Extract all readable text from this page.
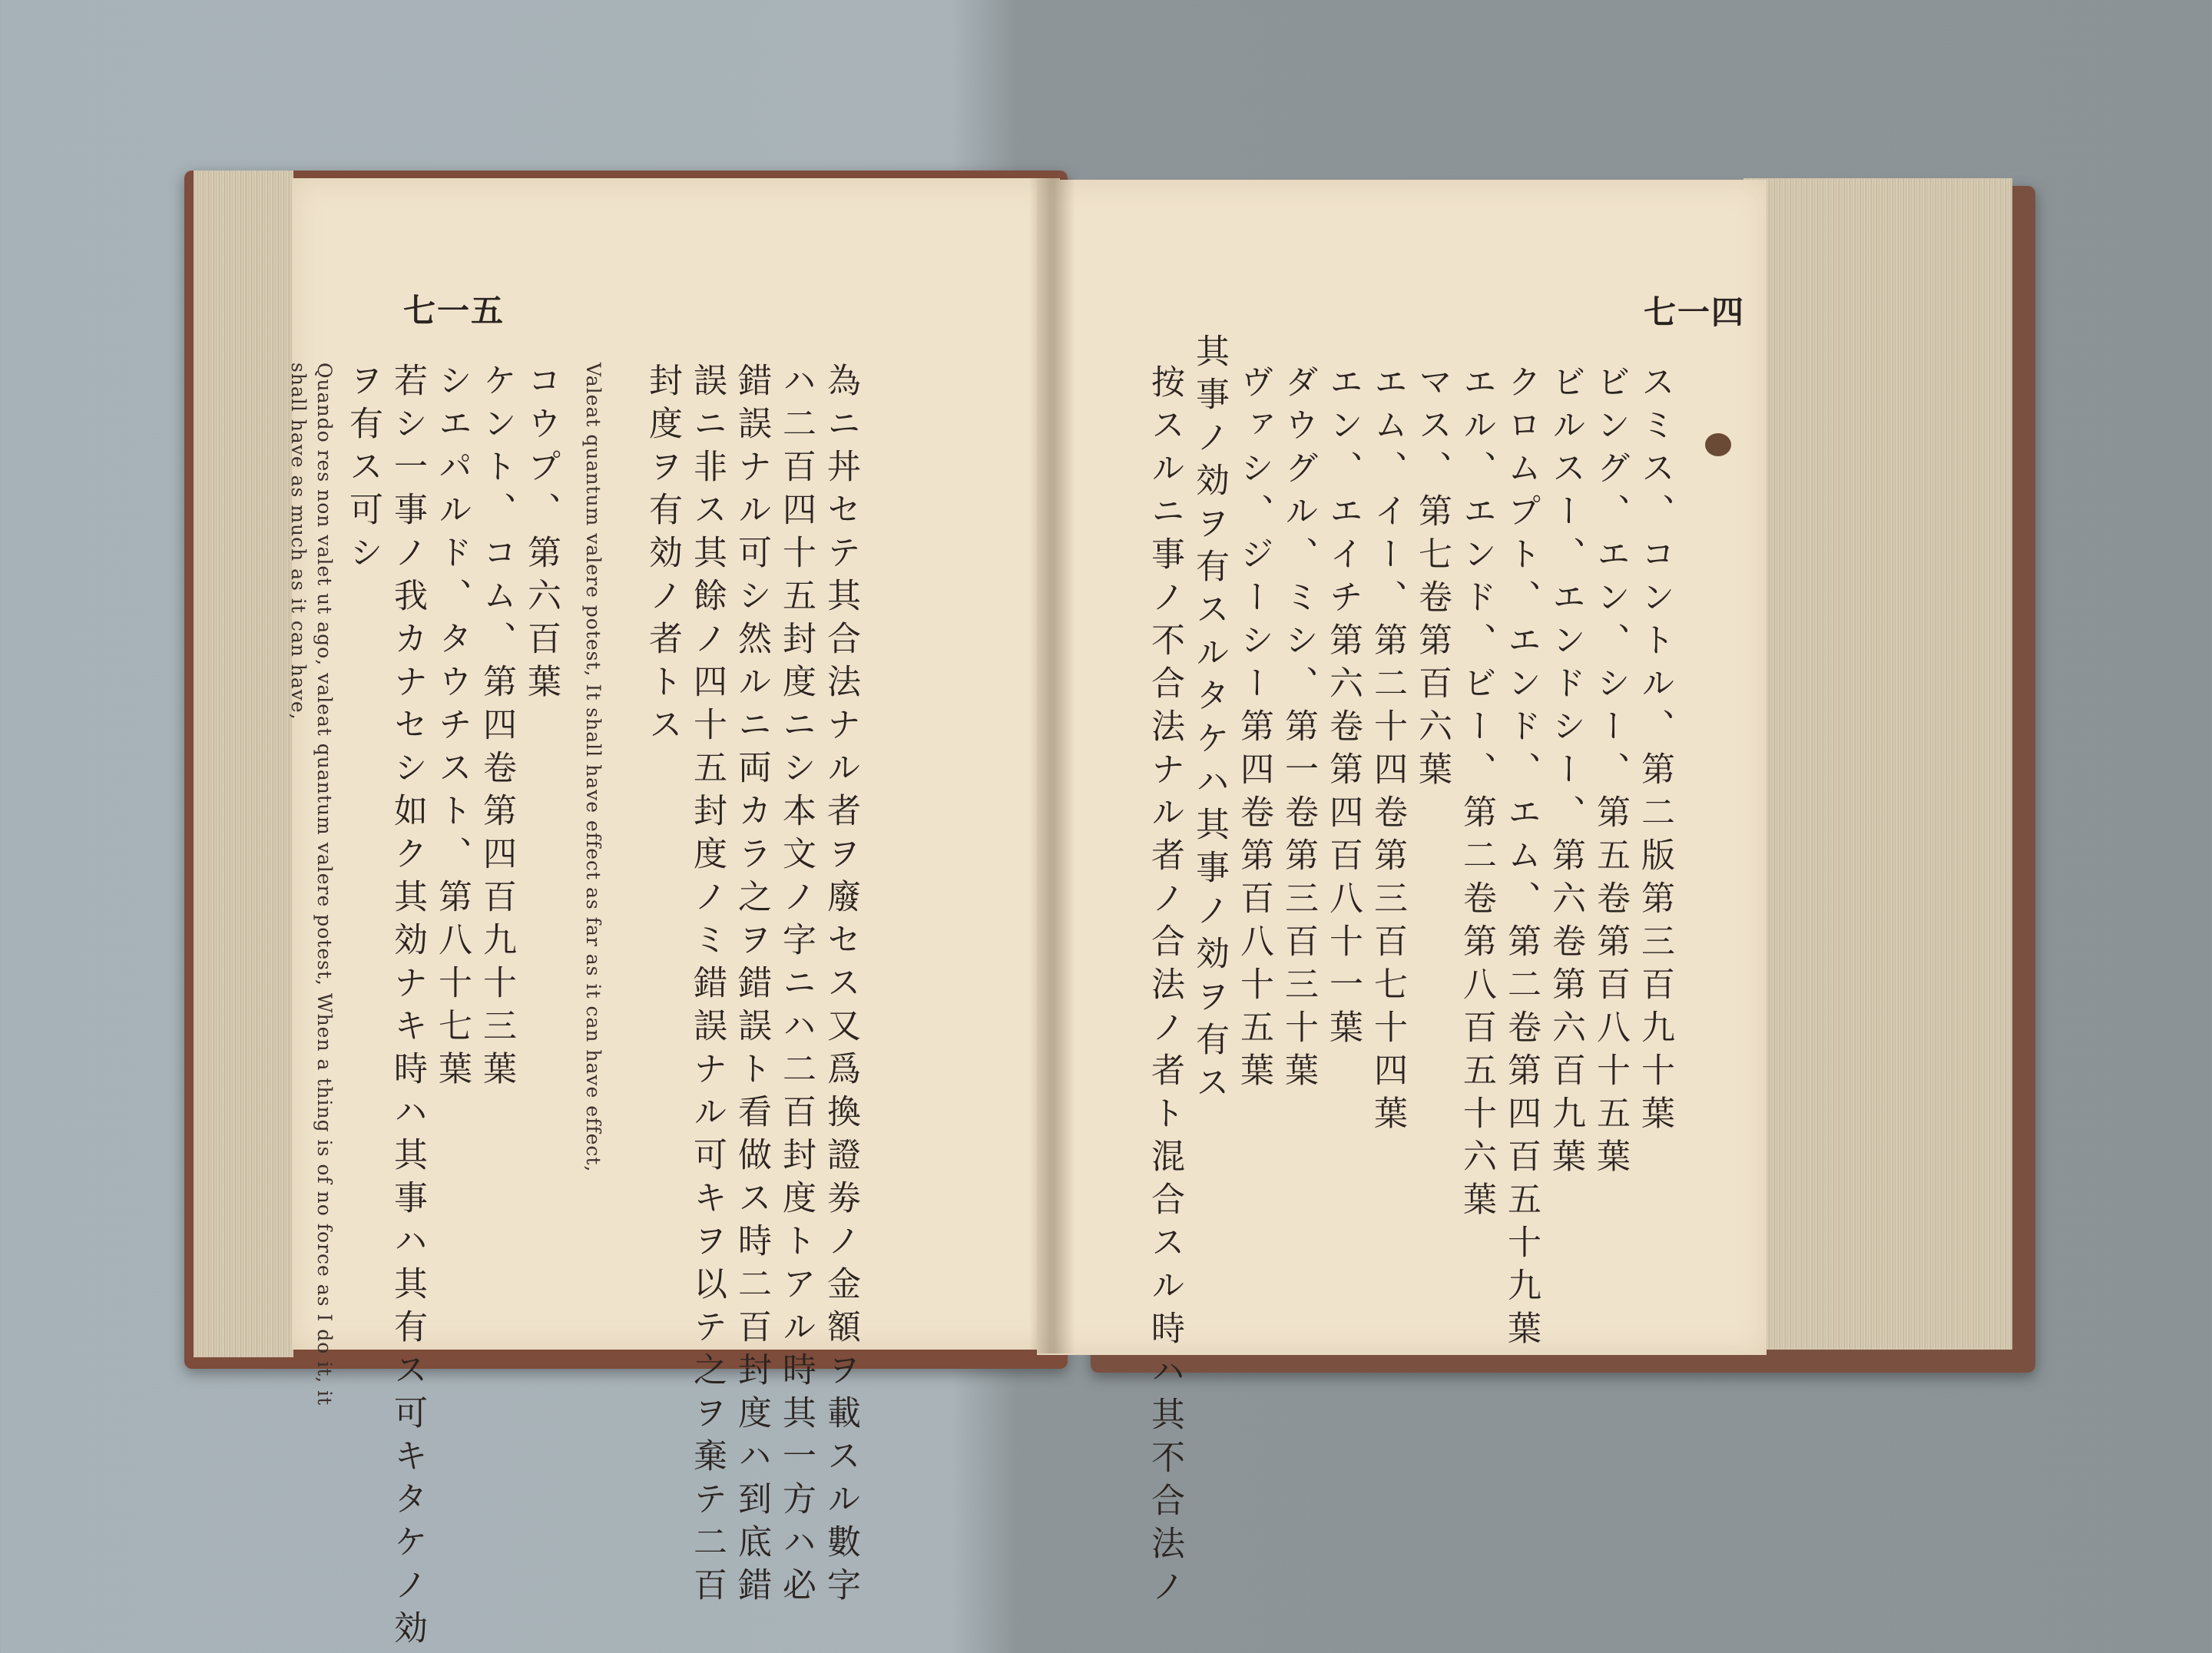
七一五
為ニ丼セテ其合法ナル者ヲ廢セス又爲換證劵ノ金額ヲ載スル數字
ハ二百四十五封度ニシ本文ノ字ニハ二百封度トアル時其一方ハ必
錯誤ナル可シ然ルニ両カラ之ヲ錯誤ト看做ス時二百封度ハ到底錯
誤ニ非ス其餘ノ四十五封度ノミ錯誤ナル可キヲ以テ之ヲ棄テ二百
封度ヲ有効ノ者トス
Valeat quantum valere potest, It shall have effect as far as it can have effect,
コウプ、第六百葉
ケント、コム、第四卷第四百九十三葉
シエパルド、タウチスト、第八十七葉
若シ一事ノ我カナセシ如ク其効ナキ時ハ其事ハ其有ス可キタケノ効
ヲ有ス可シ
Quando res non valet ut ago, valeat quantum valere potest, When a thing is of no force as I do it, it
shall have as much as it can have,
七一四
スミス、コントル、第二版第三百九十葉
ビング、エン、シー、第五卷第百八十五葉
ビルスー、エンドシー、第六卷第六百九葉
クロムプト、エンド、エム、第二卷第四百五十九葉
エル、エンド、ビー、第二卷第八百五十六葉
マス、第七卷第百六葉
エム、イー、第二十四卷第三百七十四葉
エン、エイチ第六卷第四百八十一葉
ダウグル、ミシ、第一卷第三百三十葉
ヴァシ、ジーシー第四卷第百八十五葉
其事ノ効ヲ有スルタケハ其事ノ効ヲ有ス
按スルニ事ノ不合法ナル者ノ合法ノ者ト混合スル時ハ其不合法ノ
